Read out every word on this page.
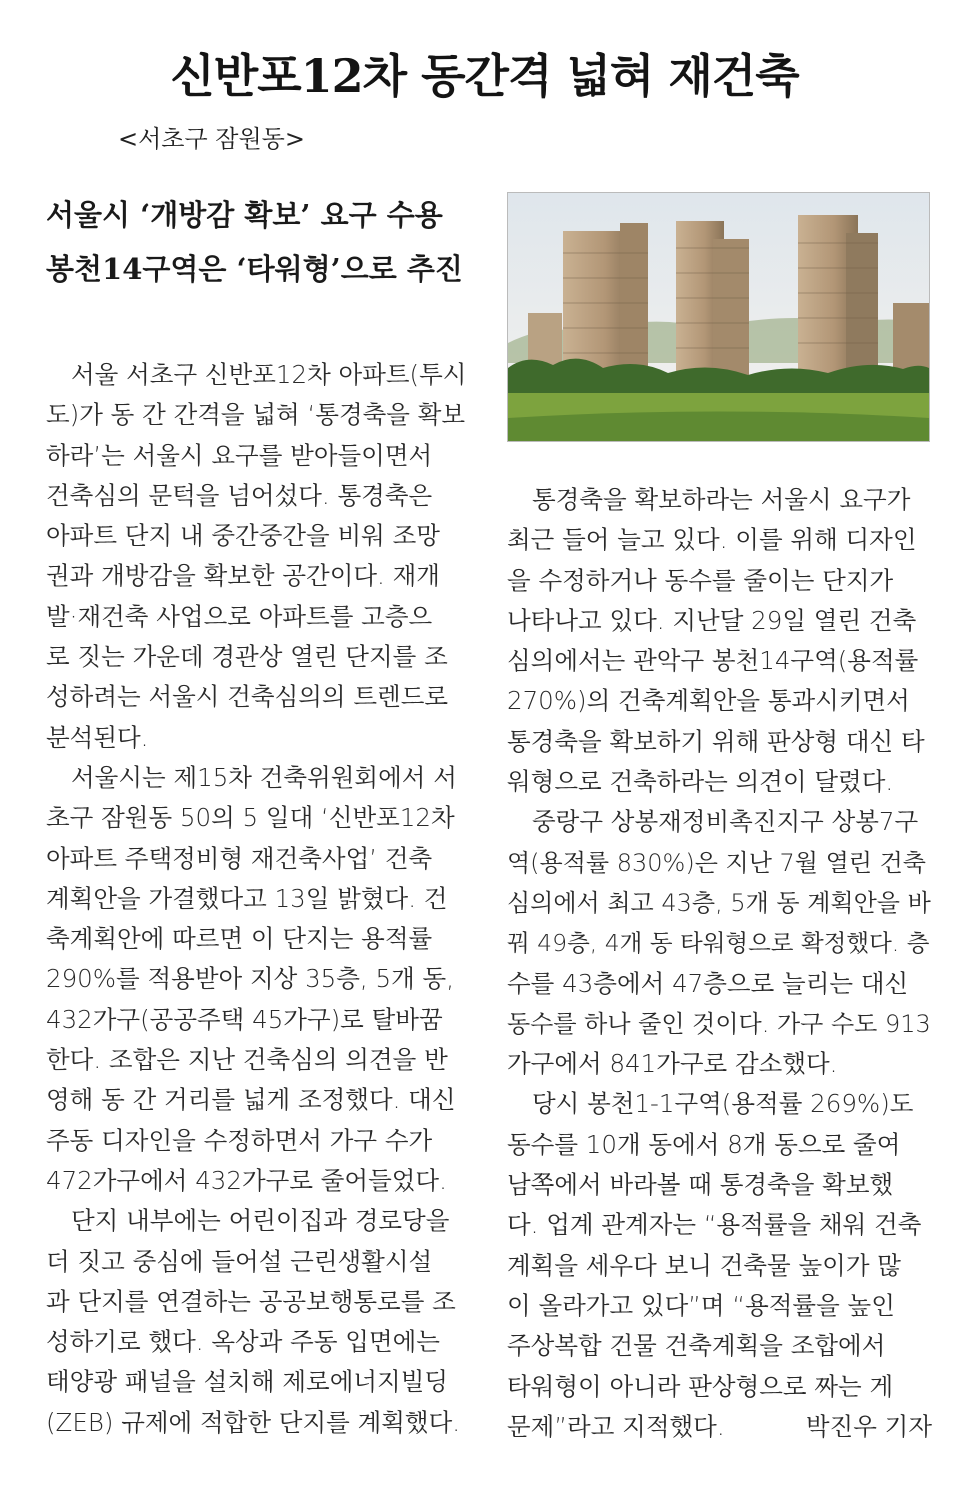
신반포12차 동간격 넓혀 재건축
<서초구 잠원동>
서울시 ‘개방감 확보’ 요구 수용
봉천14구역은 ‘타워형’으로 추진

서울 서초구 신반포12차 아파트(투시
도)가 동 간 간격을 넓혀 ‘통경축을 확보
하라’는 서울시 요구를 받아들이면서
건축심의 문턱을 넘어섰다. 통경축은
아파트 단지 내 중간중간을 비워 조망
권과 개방감을 확보한 공간이다. 재개
발·재건축 사업으로 아파트를 고층으
로 짓는 가운데 경관상 열린 단지를 조
성하려는 서울시 건축심의의 트렌드로
분석된다.

서울시는 제15차 건축위원회에서 서
초구 잠원동 50의 5 일대 ‘신반포12차
아파트 주택정비형 재건축사업’ 건축
계획안을 가결했다고 13일 밝혔다. 건
축계획안에 따르면 이 단지는 용적률
290%를 적용받아 지상 35층, 5개 동,
432가구(공공주택 45가구)로 탈바꿈
한다. 조합은 지난 건축심의 의견을 반
영해 동 간 거리를 넓게 조정했다. 대신
주동 디자인을 수정하면서 가구 수가
472가구에서 432가구로 줄어들었다.

단지 내부에는 어린이집과 경로당을
더 짓고 중심에 들어설 근린생활시설
과 단지를 연결하는 공공보행통로를 조
성하기로 했다. 옥상과 주동 입면에는
태양광 패널을 설치해 제로에너지빌딩
(ZEB) 규제에 적합한 단지를 계획했다.

통경축을 확보하라는 서울시 요구가
최근 들어 늘고 있다. 이를 위해 디자인
을 수정하거나 동수를 줄이는 단지가
나타나고 있다. 지난달 29일 열린 건축
심의에서는 관악구 봉천14구역(용적률
270%)의 건축계획안을 통과시키면서
통경축을 확보하기 위해 판상형 대신 타
워형으로 건축하라는 의견이 달렸다.

중랑구 상봉재정비촉진지구 상봉7구
역(용적률 830%)은 지난 7월 열린 건축
심의에서 최고 43층, 5개 동 계획안을 바
꿔 49층, 4개 동 타워형으로 확정했다. 층
수를 43층에서 47층으로 늘리는 대신
동수를 하나 줄인 것이다. 가구 수도 913
가구에서 841가구로 감소했다.

당시 봉천1-1구역(용적률 269%)도
동수를 10개 동에서 8개 동으로 줄여
남쪽에서 바라볼 때 통경축을 확보했
다. 업계 관계자는 “용적률을 채워 건축
계획을 세우다 보니 건축물 높이가 많
이 올라가고 있다”며 “용적률을 높인
주상복합 건물 건축계획을 조합에서
타워형이 아니라 판상형으로 짜는 게
문제”라고 지적했다.	박진우 기자
